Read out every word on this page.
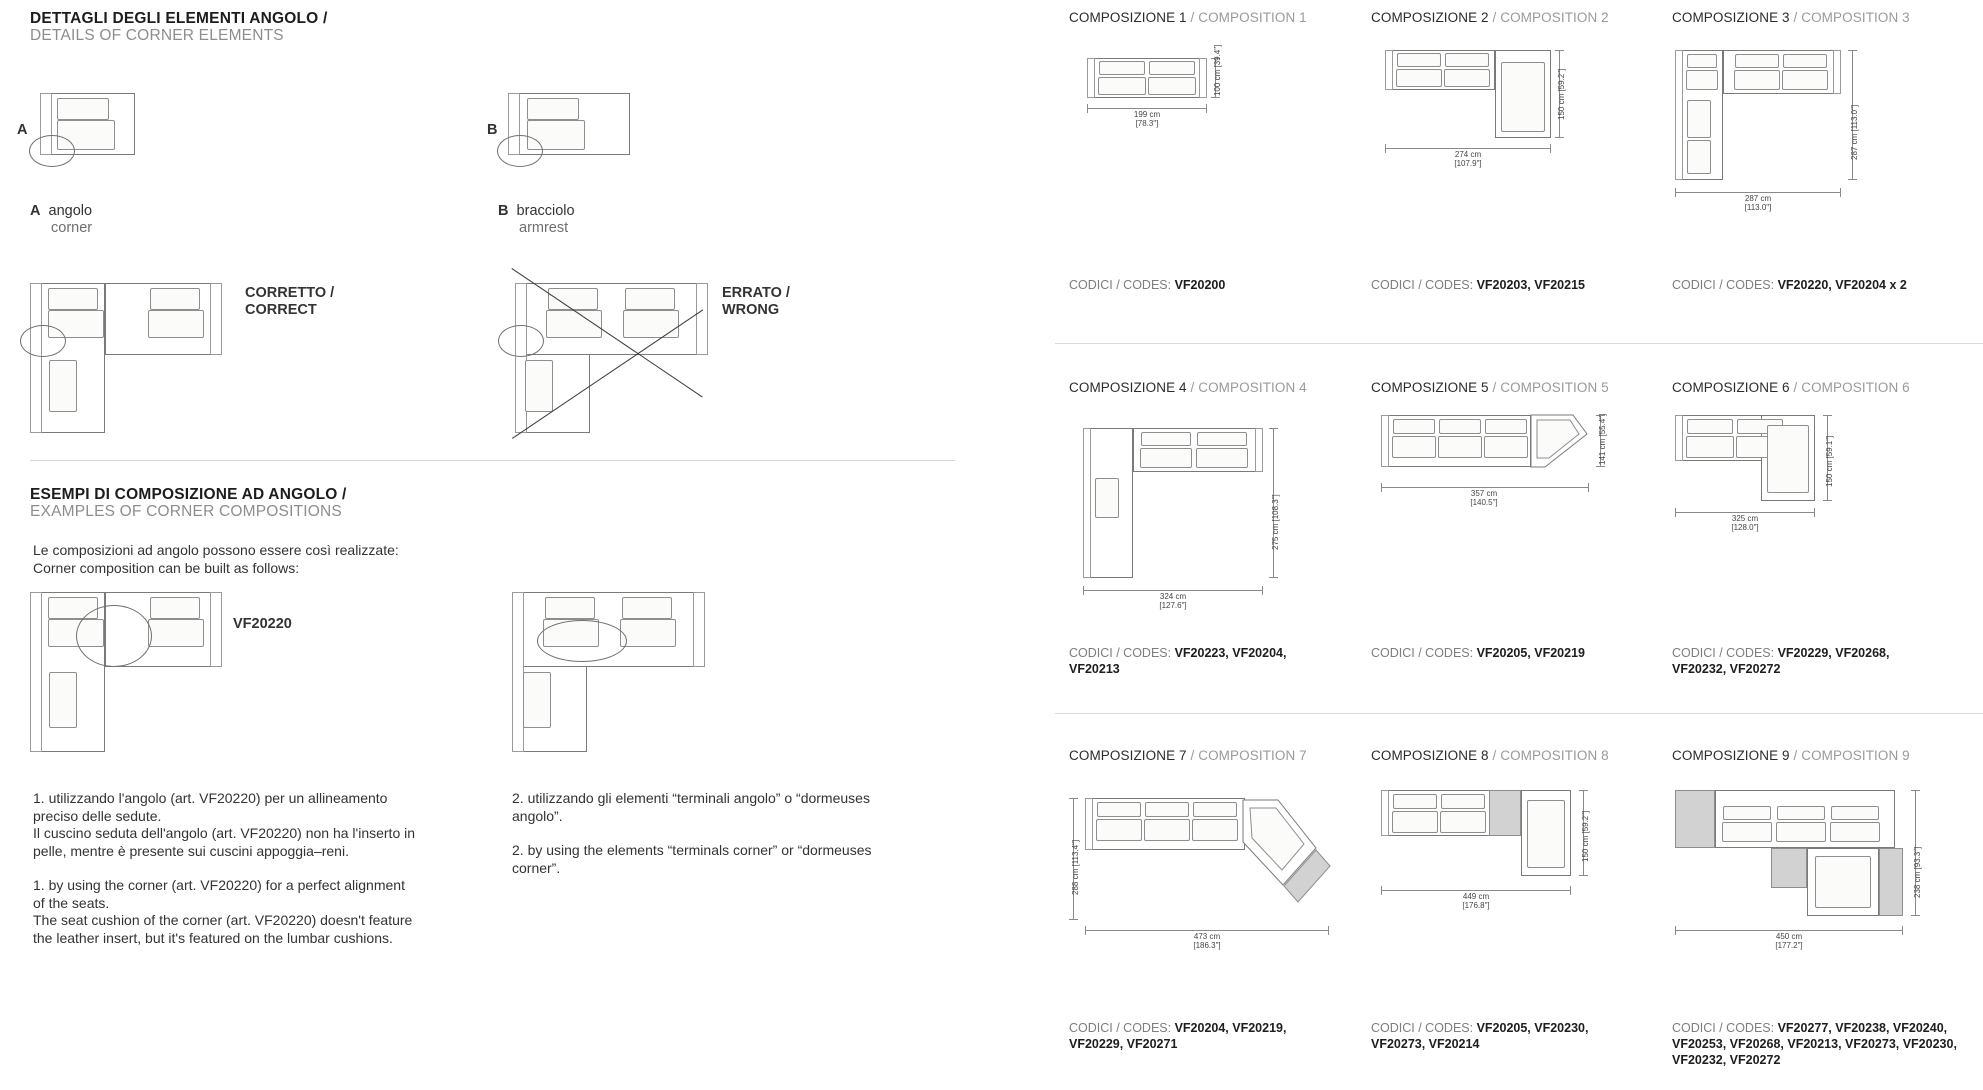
DETTAGLI DEGLI ELEMENTI ANGOLO /
DETAILS OF CORNER ELEMENTS
A
A angolo
corner
B
B bracciolo
armrest
CORRETTO /
CORRECT
ERRATO /
WRONG
ESEMPI DI COMPOSIZIONE AD ANGOLO /
EXAMPLES OF CORNER COMPOSITIONS
Le composizioni ad angolo possono essere così realizzate:
Corner composition can be built as follows:
VF20220
1. utilizzando l'angolo (art. VF20220) per un allineamento
preciso delle sedute.
Il cuscino seduta dell'angolo (art. VF20220) non ha l'inserto in
pelle, mentre è presente sui cuscini appoggia–reni.
1. by using the corner (art. VF20220) for a perfect alignment
of the seats.
The seat cushion of the corner (art. VF20220) doesn't feature
the leather insert, but it's featured on the lumbar cushions.
2. utilizzando gli elementi “terminali angolo” o “dormeuses
angolo”.
2. by using the elements “terminals corner” or “dormeuses
corner”.
COMPOSIZIONE 1 / COMPOSITION 1	COMPOSIZIONE 2 / COMPOSITION 2	COMPOSIZIONE 3 / COMPOSITION 3
199 cm
[78.3"]
100 cm [39.4"]
274 cm
[107.9"]
150 cm [59.2"]
287 cm
[113.0"]
287 cm [113.0"]
CODICI / CODES: VF20200	CODICI / CODES: VF20203, VF20215	CODICI / CODES: VF20220, VF20204 x 2
COMPOSIZIONE 4 / COMPOSITION 4	COMPOSIZIONE 5 / COMPOSITION 5	COMPOSIZIONE 6 / COMPOSITION 6
324 cm
[127.6"]
275 cm [108.3"]
357 cm
[140.5"]
141 cm [55.4"]
325 cm
[128.0"]
150 cm [59.1"]
CODICI / CODES: VF20223, VF20204, VF20213
CODICI / CODES: VF20205, VF20219	CODICI / CODES: VF20229, VF20268, VF20232, VF20272
COMPOSIZIONE 7 / COMPOSITION 7	COMPOSIZIONE 8 / COMPOSITION 8	COMPOSIZIONE 9 / COMPOSITION 9
473 cm
[186.3"]
288 cm [113.4"]
449 cm
[176.8"]
150 cm [59.2"]
450 cm
[177.2"]
238 cm [93.3"]
CODICI / CODES: VF20204, VF20219, VF20229, VF20271
CODICI / CODES: VF20205, VF20230, VF20273, VF20214
CODICI / CODES: VF20277, VF20238, VF20240, VF20253, VF20268, VF20213, VF20273, VF20230, VF20232, VF20272
